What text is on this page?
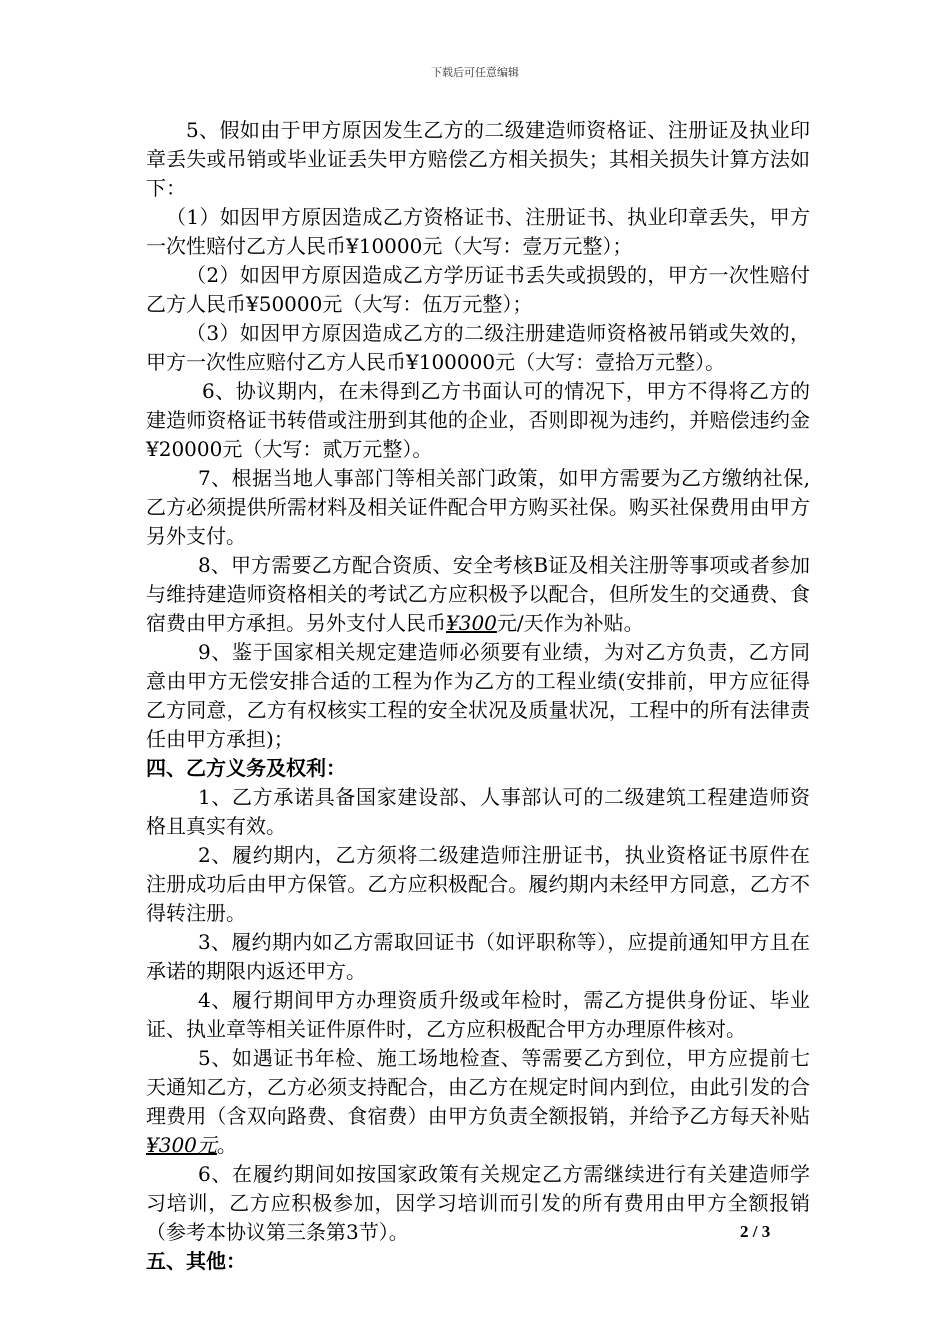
下载后可任意编辑

5、假如由于甲方原因发生乙方的二级建造师资格证、注册证及执业印章丢失或吊销或毕业证丢失甲方赔偿乙方相关损失；其相关损失计算方法如下：

（1）如因甲方原因造成乙方资格证书、注册证书、执业印章丢失，甲方一次性赔付乙方人民币¥10000元（大写：壹万元整）；

（2）如因甲方原因造成乙方学历证书丢失或损毁的，甲方一次性赔付乙方人民币¥50000元（大写：伍万元整）；

（3）如因甲方原因造成乙方的二级注册建造师资格被吊销或失效的，甲方一次性应赔付乙方人民币¥100000元（大写：壹拾万元整）。

6、协议期内，在未得到乙方书面认可的情况下，甲方不得将乙方的建造师资格证书转借或注册到其他的企业，否则即视为违约，并赔偿违约金¥20000元（大写：贰万元整）。

7、根据当地人事部门等相关部门政策，如甲方需要为乙方缴纳社保,乙方必须提供所需材料及相关证件配合甲方购买社保。购买社保费用由甲方另外支付。

8、甲方需要乙方配合资质、安全考核B证及相关注册等事项或者参加与维持建造师资格相关的考试乙方应积极予以配合，但所发生的交通费、食宿费由甲方承担。另外支付人民币¥300元/天作为补贴。

9、鉴于国家相关规定建造师必须要有业绩，为对乙方负责，乙方同意由甲方无偿安排合适的工程为作为乙方的工程业绩(安排前，甲方应征得乙方同意，乙方有权核实工程的安全状况及质量状况，工程中的所有法律责任由甲方承担)；

四、乙方义务及权利：

1、乙方承诺具备国家建设部、人事部认可的二级建筑工程建造师资格且真实有效。

2、履约期内，乙方须将二级建造师注册证书，执业资格证书原件在注册成功后由甲方保管。乙方应积极配合。履约期内未经甲方同意，乙方不得转注册。

3、履约期内如乙方需取回证书（如评职称等），应提前通知甲方且在承诺的期限内返还甲方。

4、履行期间甲方办理资质升级或年检时，需乙方提供身份证、毕业证、执业章等相关证件原件时，乙方应积极配合甲方办理原件核对。

5、如遇证书年检、施工场地检查、等需要乙方到位，甲方应提前七天通知乙方，乙方必须支持配合，由乙方在规定时间内到位，由此引发的合理费用（含双向路费、食宿费）由甲方负责全额报销，并给予乙方每天补贴¥300元。

6、在履约期间如按国家政策有关规定乙方需继续进行有关建造师学习培训，乙方应积极参加，因学习培训而引发的所有费用由甲方全额报销（参考本协议第三条第3节）。

五、其他：

2 / 3
